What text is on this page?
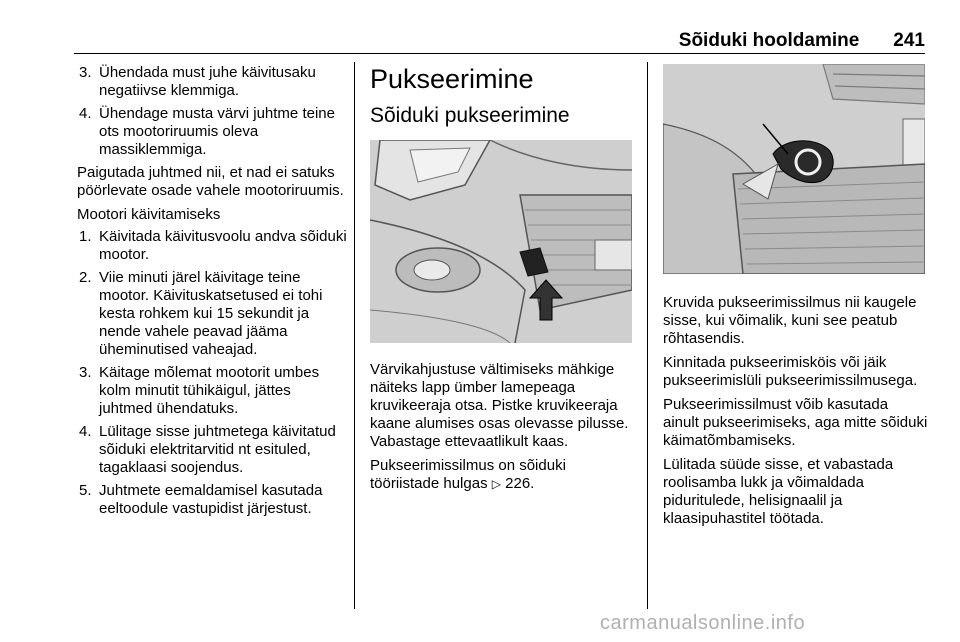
Sõiduki hooldamine 241
3. Ühendada must juhe käivitusaku negatiivse klemmiga.
4. Ühendage musta värvi juhtme teine ots mootoriruumis oleva massiklemmiga.

Paigutada juhtmed nii, et nad ei satuks pöörlevate osade vahele mootoriruumis.

Mootori käivitamiseks

1. Käivitada käivitusvoolu andva sõiduki mootor.
2. Viie minuti järel käivitage teine mootor. Käivituskatsetused ei tohi kesta rohkem kui 15 sekundit ja nende vahele peavad jääma üheminutised vaheajad.
3. Käitage mõlemat mootorit umbes kolm minutit tühikäigul, jättes juhtmed ühendatuks.
4. Lülitage sisse juhtmetega käivitatud sõiduki elektritarvitid nt esituled, tagaklaasi soojendus.
5. Juhtmete eemaldamisel kasutada eeltoodule vastupidist järjestust.
Pukseerimine
Sõiduki pukseerimine

Värvikahjustuse vältimiseks mähkige näiteks lapp ümber lamepeaga kruvikeeraja otsa. Pistke kruvikeeraja kaane alumises osas olevasse pilusse. Vabastage ettevaatlikult kaas.

Pukseerimissilmus on sõiduki tööriistade hulgas ▷ 226.

Kruvida pukseerimissilmus nii kaugele sisse, kui võimalik, kuni see peatub rõhtasendis.

Kinnitada pukseerimisköis või jäik pukseerimislüli pukseerimissilmusega.

Pukseerimissilmust võib kasutada ainult pukseerimiseks, aga mitte sõiduki käimatõmbamiseks.

Lülitada süüde sisse, et vabastada roolisamba lukk ja võimaldada piduritulede, helisignaalil ja klaasipuhastitel töötada.

carmanualsonline.info
